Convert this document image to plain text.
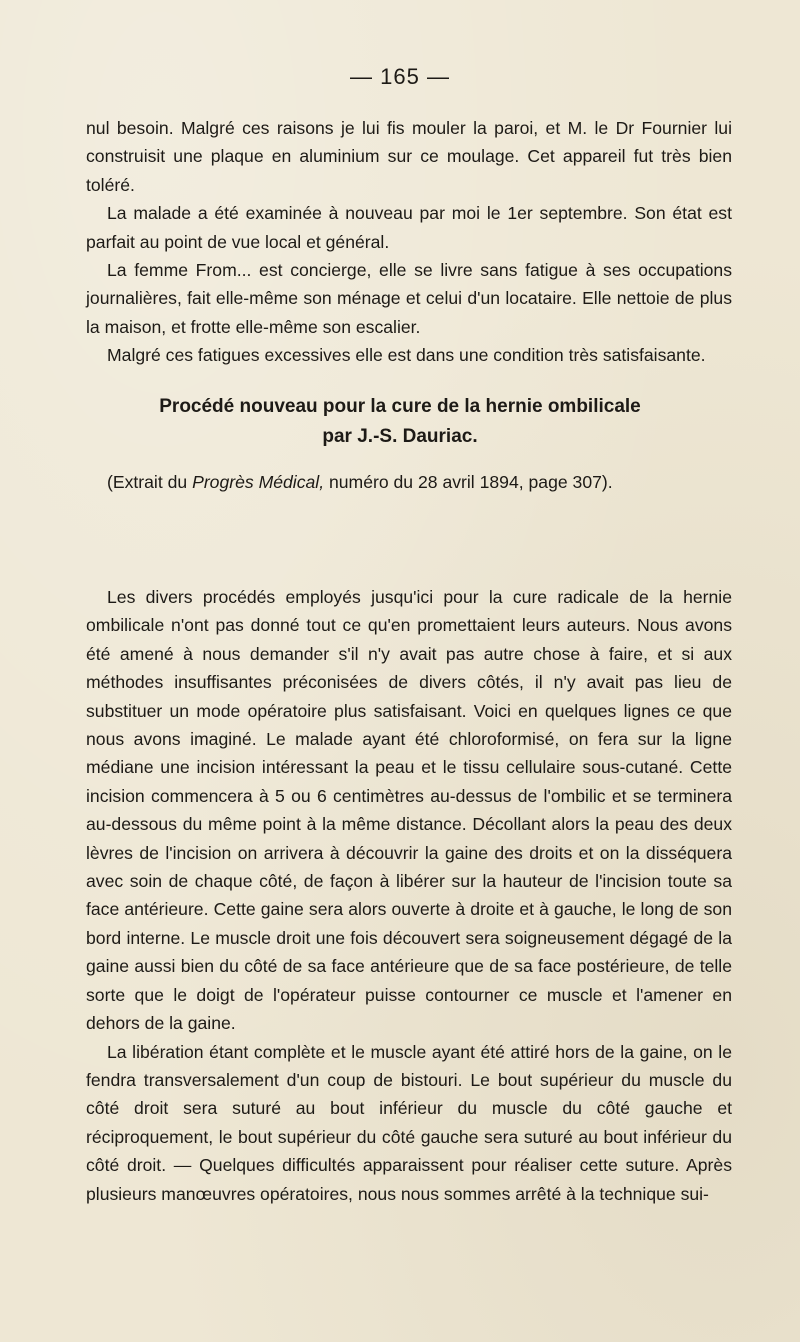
— 165 —

nul besoin. Malgré ces raisons je lui fis mouler la paroi, et M. le Dr Fournier lui construisit une plaque en aluminium sur ce moulage. Cet appareil fut très bien toléré.

La malade a été examinée à nouveau par moi le 1er septembre. Son état est parfait au point de vue local et général.

La femme From... est concierge, elle se livre sans fatigue à ses occupations journalières, fait elle-même son ménage et celui d'un locataire. Elle nettoie de plus la maison, et frotte elle-même son escalier.

Malgré ces fatigues excessives elle est dans une condition très satisfaisante.

Procédé nouveau pour la cure de la hernie ombilicale
par J.-S. Dauriac.
(Extrait du Progrès Médical, numéro du 28 avril 1894, page 307).

Les divers procédés employés jusqu'ici pour la cure radicale de la hernie ombilicale n'ont pas donné tout ce qu'en promettaient leurs auteurs. Nous avons été amené à nous demander s'il n'y avait pas autre chose à faire, et si aux méthodes insuffisantes préconisées de divers côtés, il n'y avait pas lieu de substituer un mode opératoire plus satisfaisant. Voici en quelques lignes ce que nous avons imaginé. Le malade ayant été chloroformisé, on fera sur la ligne médiane une incision intéressant la peau et le tissu cellulaire sous-cutané. Cette incision commencera à 5 ou 6 centimètres au-dessus de l'ombilic et se terminera au-dessous du même point à la même distance. Décollant alors la peau des deux lèvres de l'incision on arrivera à découvrir la gaine des droits et on la disséquera avec soin de chaque côté, de façon à libérer sur la hauteur de l'incision toute sa face antérieure. Cette gaine sera alors ouverte à droite et à gauche, le long de son bord interne. Le muscle droit une fois découvert sera soigneusement dégagé de la gaine aussi bien du côté de sa face antérieure que de sa face postérieure, de telle sorte que le doigt de l'opérateur puisse contourner ce muscle et l'amener en dehors de la gaine.

La libération étant complète et le muscle ayant été attiré hors de la gaine, on le fendra transversalement d'un coup de bistouri. Le bout supérieur du muscle du côté droit sera suturé au bout inférieur du muscle du côté gauche et réciproquement, le bout supérieur du côté gauche sera suturé au bout inférieur du côté droit. — Quelques difficultés apparaissent pour réaliser cette suture. Après plusieurs manœuvres opératoires, nous nous sommes arrêté à la technique sui-
